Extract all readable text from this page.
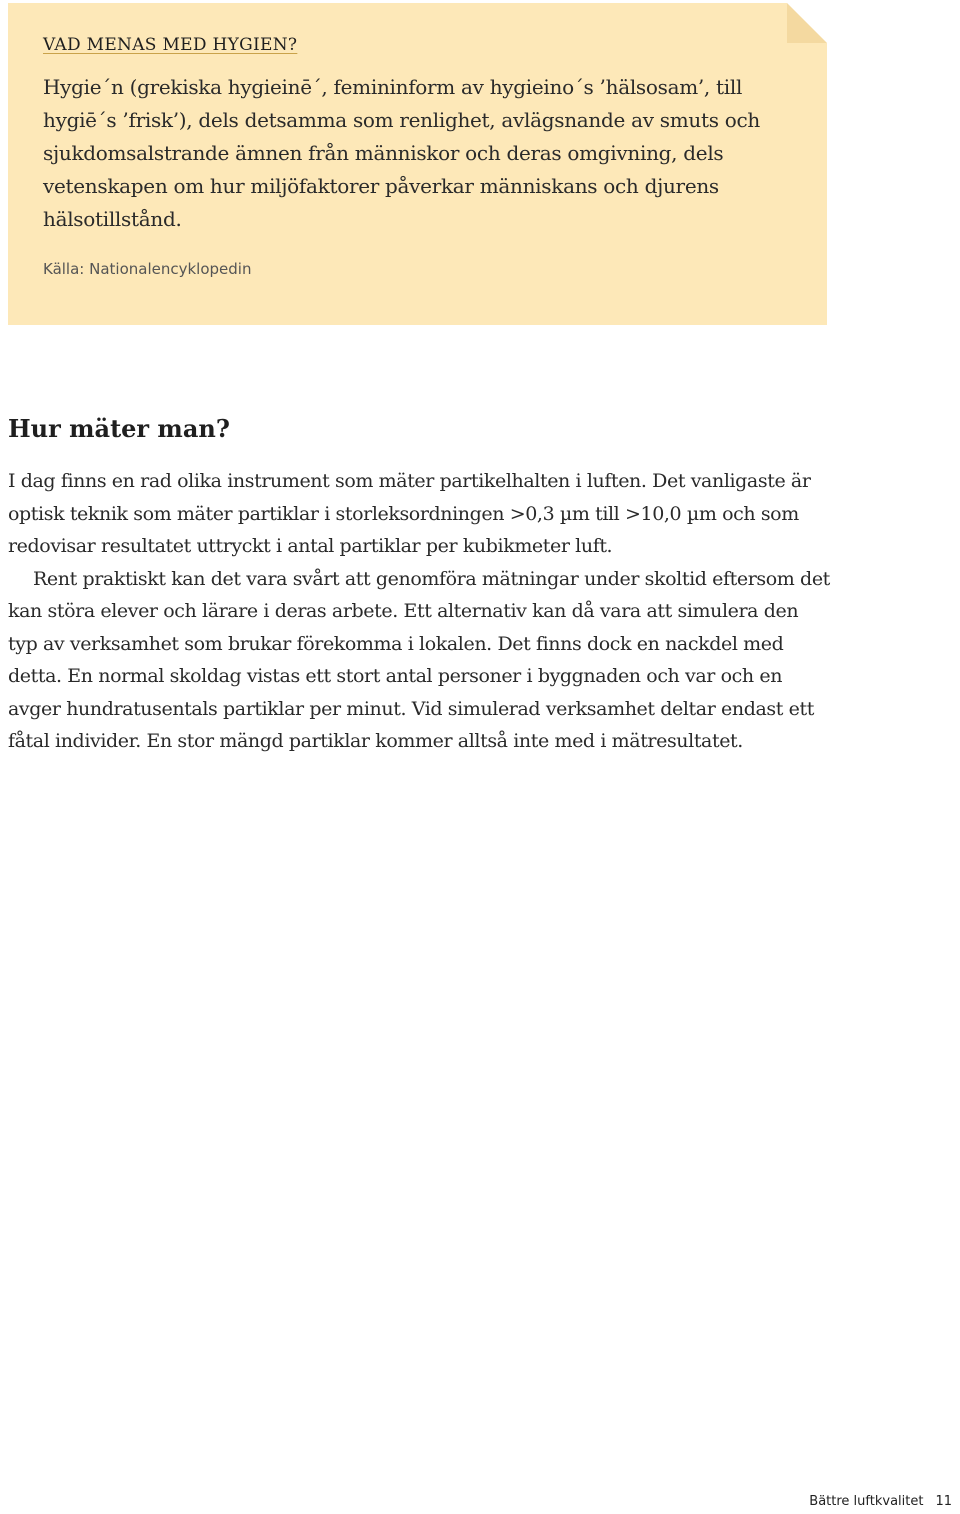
VAD MENAS MED HYGIEN?

Hygie´n (grekiska hygieinē´, femininform av hygieino´s ’hälsosam’, till hygiē´s ’frisk’), dels detsamma som renlighet, avlägsnande av smuts och sjukdomsalstrande ämnen från människor och deras omgivning, dels vetenskapen om hur miljöfaktorer påverkar människans och djurens hälsotillstånd.

Källa: Nationalencyklopedin

Hur mäter man?

I dag finns en rad olika instrument som mäter partikelhalten i luften. Det vanligaste är optisk teknik som mäter partiklar i storleksordningen >0,3 µm till >10,0 µm och som redovisar resultatet uttryckt i antal partiklar per kubikmeter luft.

Rent praktiskt kan det vara svårt att genomföra mätningar under skoltid eftersom det kan störa elever och lärare i deras arbete. Ett alternativ kan då vara att simulera den typ av verksamhet som brukar förekomma i lokalen. Det finns dock en nackdel med detta. En normal skoldag vistas ett stort antal personer i byggnaden och var och en avger hundratusentals partiklar per minut. Vid simulerad verksamhet deltar endast ett fåtal individer. En stor mängd partiklar kommer alltså inte med i mätresultatet.

Bättre luftkvalitet 11
